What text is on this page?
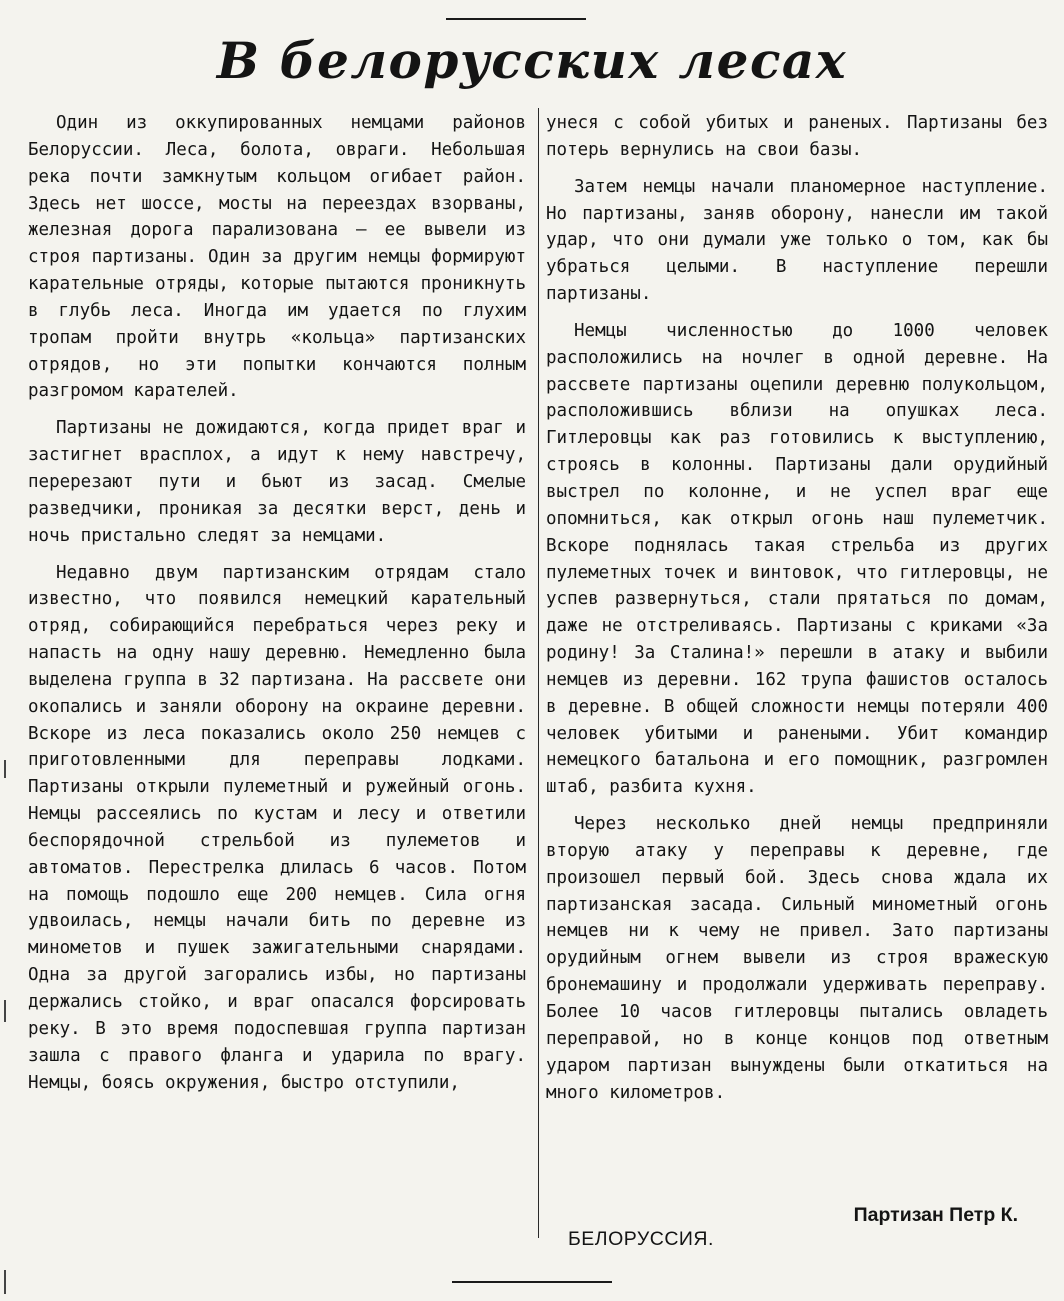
В белорусских лесах

Один из оккупированных немцами районов Белоруссии. Леса, болота, овраги. Небольшая река почти замкнутым кольцом огибает район. Здесь нет шоссе, мосты на переездах взорваны, железная дорога парализована — ее вывели из строя партизаны. Один за другим немцы формируют карательные отряды, которые пытаются проникнуть в глубь леса. Иногда им удается по глухим тропам пройти внутрь «кольца» партизанских отрядов, но эти попытки кончаются полным разгромом карателей.

Партизаны не дожидаются, когда придет враг и застигнет врасплох, а идут к нему навстречу, перерезают пути и бьют из засад. Смелые разведчики, проникая за десятки верст, день и ночь пристально следят за немцами.

Недавно двум партизанским отрядам стало известно, что появился немецкий карательный отряд, собирающийся перебраться через реку и напасть на одну нашу деревню. Немедленно была выделена группа в 32 партизана. На рассвете они окопались и заняли оборону на окраине деревни. Вскоре из леса показались около 250 немцев с приготовленными для переправы лодками. Партизаны открыли пулеметный и ружейный огонь. Немцы рассеялись по кустам и лесу и ответили беспорядочной стрельбой из пулеметов и автоматов. Перестрелка длилась 6 часов. Потом на помощь подошло еще 200 немцев. Сила огня удвоилась, немцы начали бить по деревне из минометов и пушек зажигательными снарядами. Одна за другой загорались избы, но партизаны держались стойко, и враг опасался форсировать реку. В это время подоспевшая группа партизан зашла с правого фланга и ударила по врагу. Немцы, боясь окружения, быстро отступили,

унеся с собой убитых и раненых. Партизаны без потерь вернулись на свои базы.

Затем немцы начали планомерное наступление. Но партизаны, заняв оборону, нанесли им такой удар, что они думали уже только о том, как бы убраться целыми. В наступление перешли партизаны.

Немцы численностью до 1000 человек расположились на ночлег в одной деревне. На рассвете партизаны оцепили деревню полукольцом, расположившись вблизи на опушках леса. Гитлеровцы как раз готовились к выступлению, строясь в колонны. Партизаны дали орудийный выстрел по колонне, и не успел враг еще опомниться, как открыл огонь наш пулеметчик. Вскоре поднялась такая стрельба из других пулеметных точек и винтовок, что гитлеровцы, не успев развернуться, стали прятаться по домам, даже не отстреливаясь. Партизаны с криками «За родину! За Сталина!» перешли в атаку и выбили немцев из деревни. 162 трупа фашистов осталось в деревне. В общей сложности немцы потеряли 400 человек убитыми и ранеными. Убит командир немецкого батальона и его помощник, разгромлен штаб, разбита кухня.

Через несколько дней немцы предприняли вторую атаку у переправы к деревне, где произошел первый бой. Здесь снова ждала их партизанская засада. Сильный минометный огонь немцев ни к чему не привел. Зато партизаны орудийным огнем вывели из строя вражескую бронемашину и продолжали удерживать переправу. Более 10 часов гитлеровцы пытались овладеть переправой, но в конце концов под ответным ударом партизан вынуждены были откатиться на много километров.

Партизан Петр К.

БЕЛОРУССИЯ.
